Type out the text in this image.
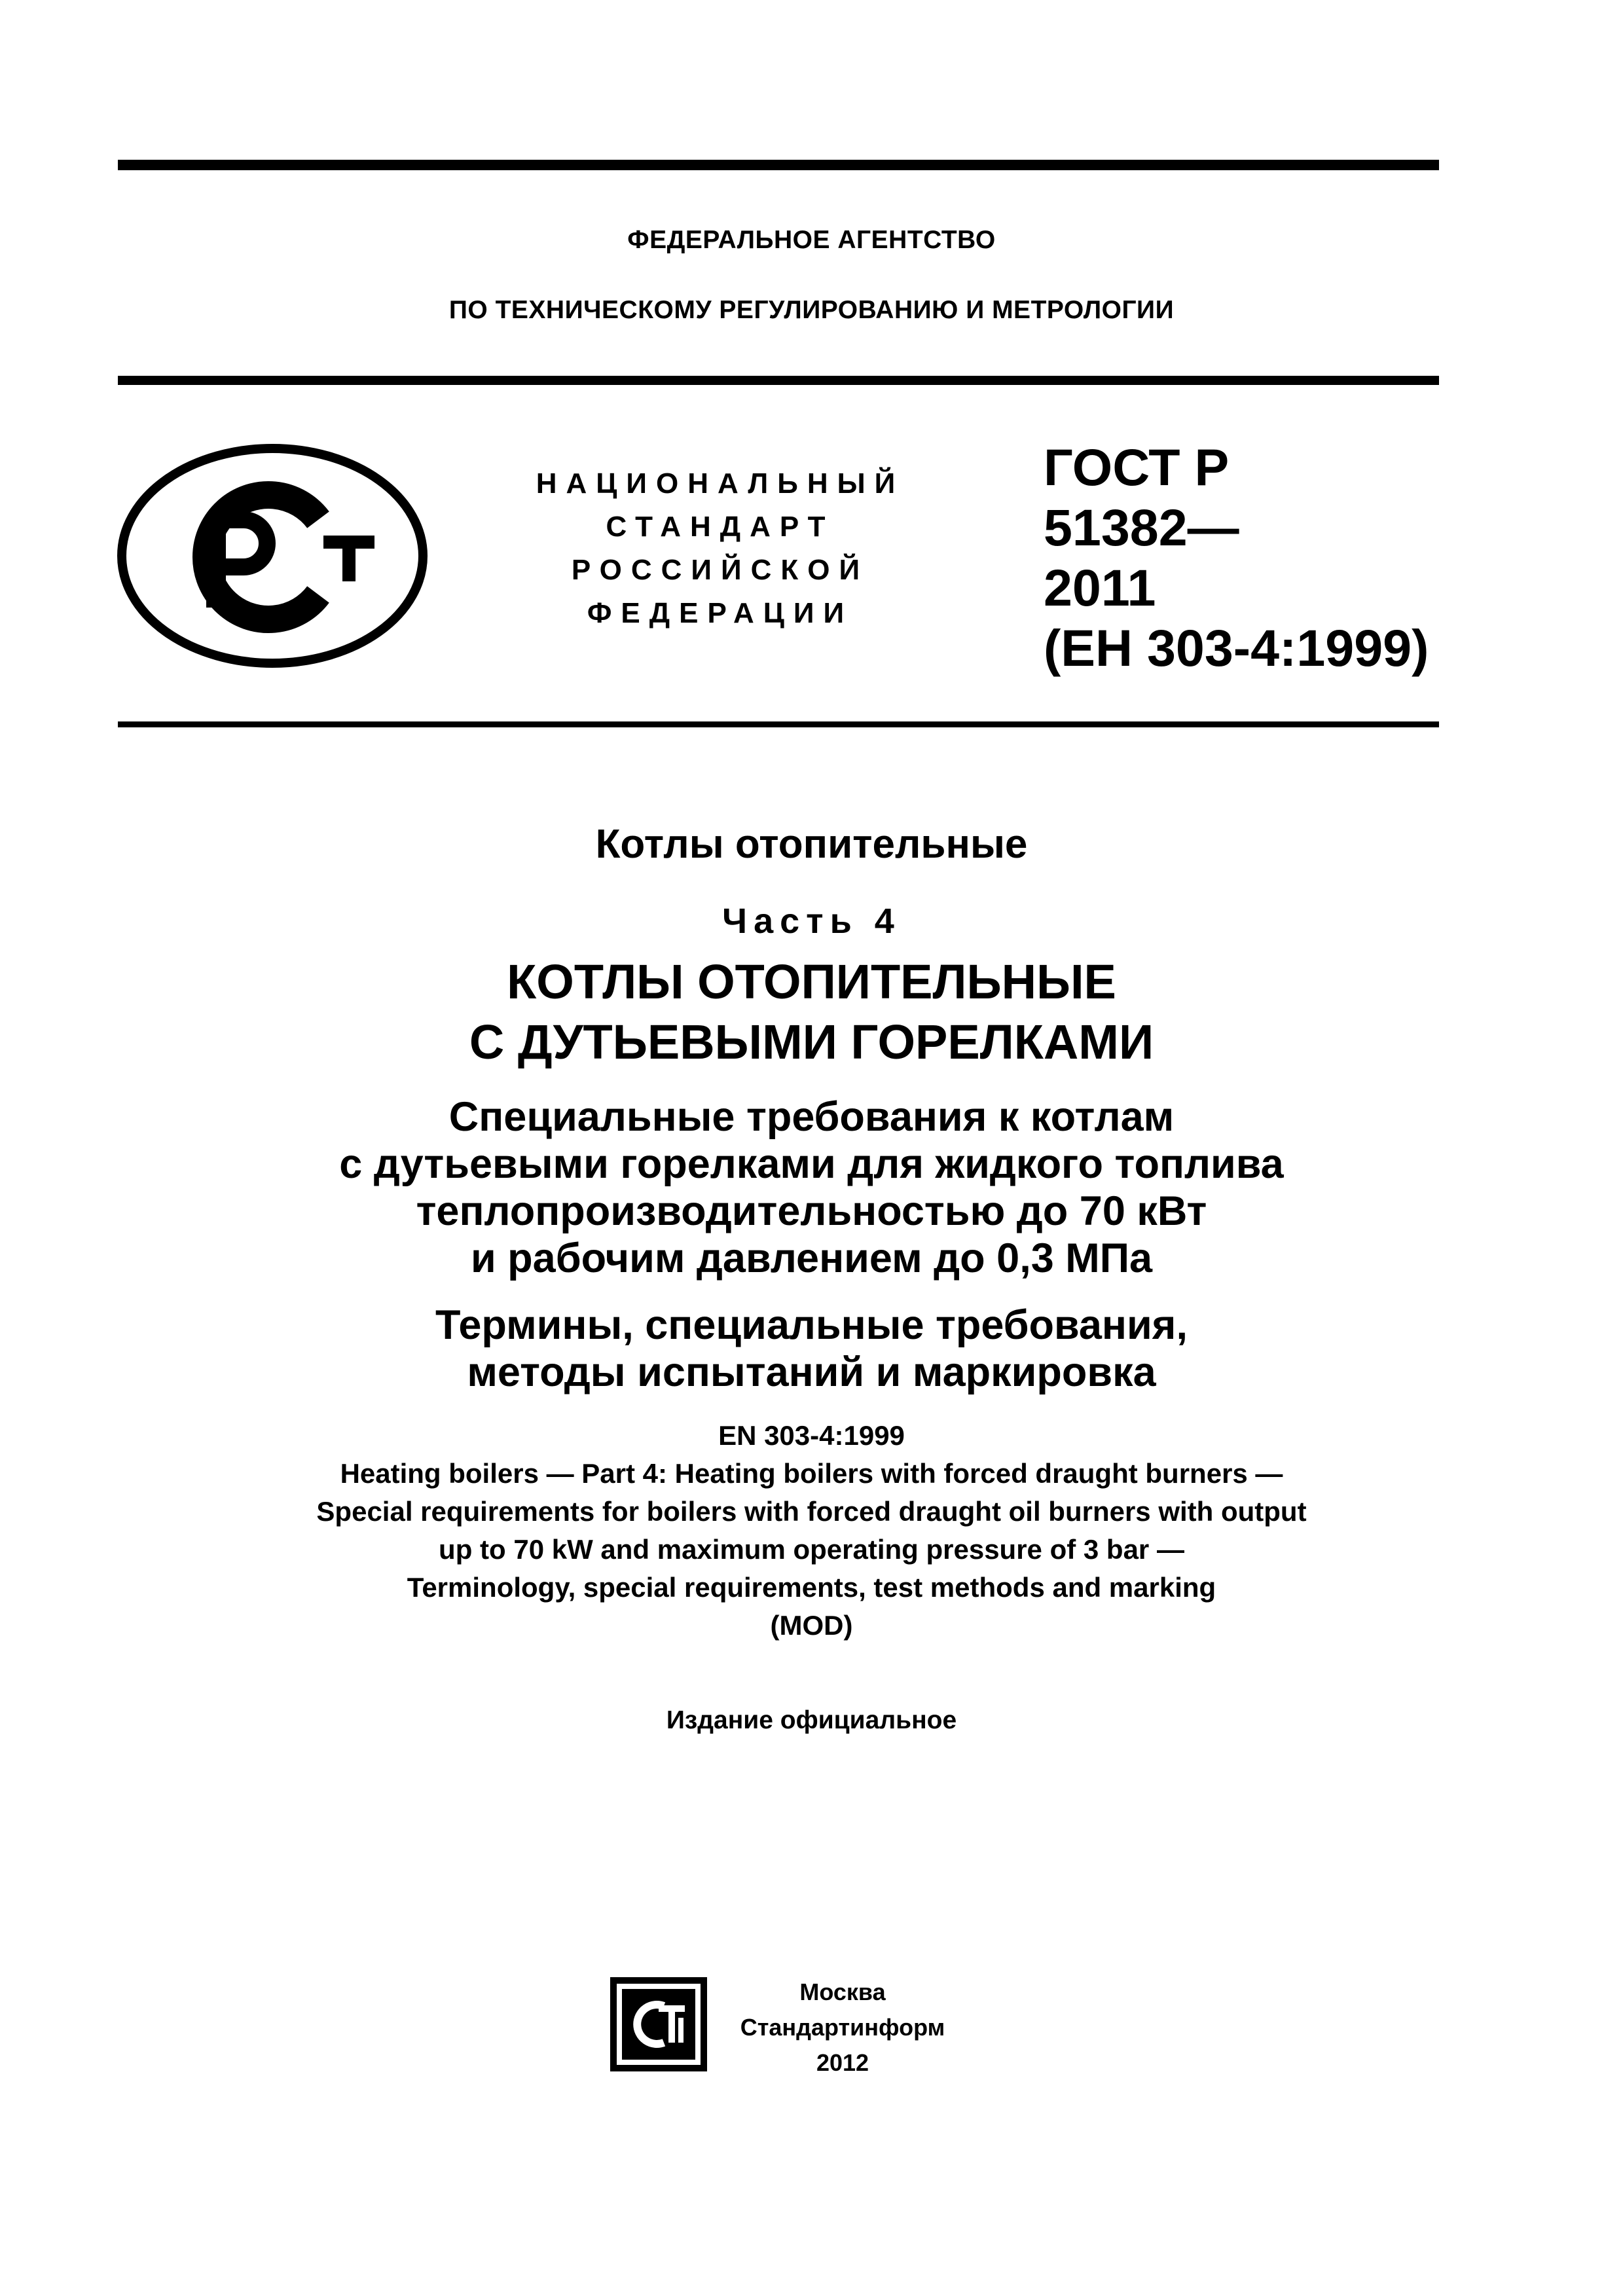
ФЕДЕРАЛЬНОЕ АГЕНТСТВО
ПО ТЕХНИЧЕСКОМУ РЕГУЛИРОВАНИЮ И МЕТРОЛОГИИ
НАЦИОНАЛЬНЫЙ
СТАНДАРТ
РОССИЙСКОЙ
ФЕДЕРАЦИИ
ГОСТ Р
51382—
2011
(ЕН 303-4:1999)
Котлы отопительные
Часть 4
КОТЛЫ ОТОПИТЕЛЬНЫЕ
С ДУТЬЕВЫМИ ГОРЕЛКАМИ
Специальные требования к котлам
с дутьевыми горелками для жидкого топлива
теплопроизводительностью до 70 кВт
и рабочим давлением до 0,3 МПа
Термины, специальные требования,
методы испытаний и маркировка
EN 303-4:1999
Heating boilers — Part 4: Heating boilers with forced draught burners —
Special requirements for boilers with forced draught oil burners with output
up to 70 kW and maximum operating pressure of 3 bar —
Terminology, special requirements, test methods and marking
(MOD)
Издание официальное
Москва
Стандартинформ
2012
